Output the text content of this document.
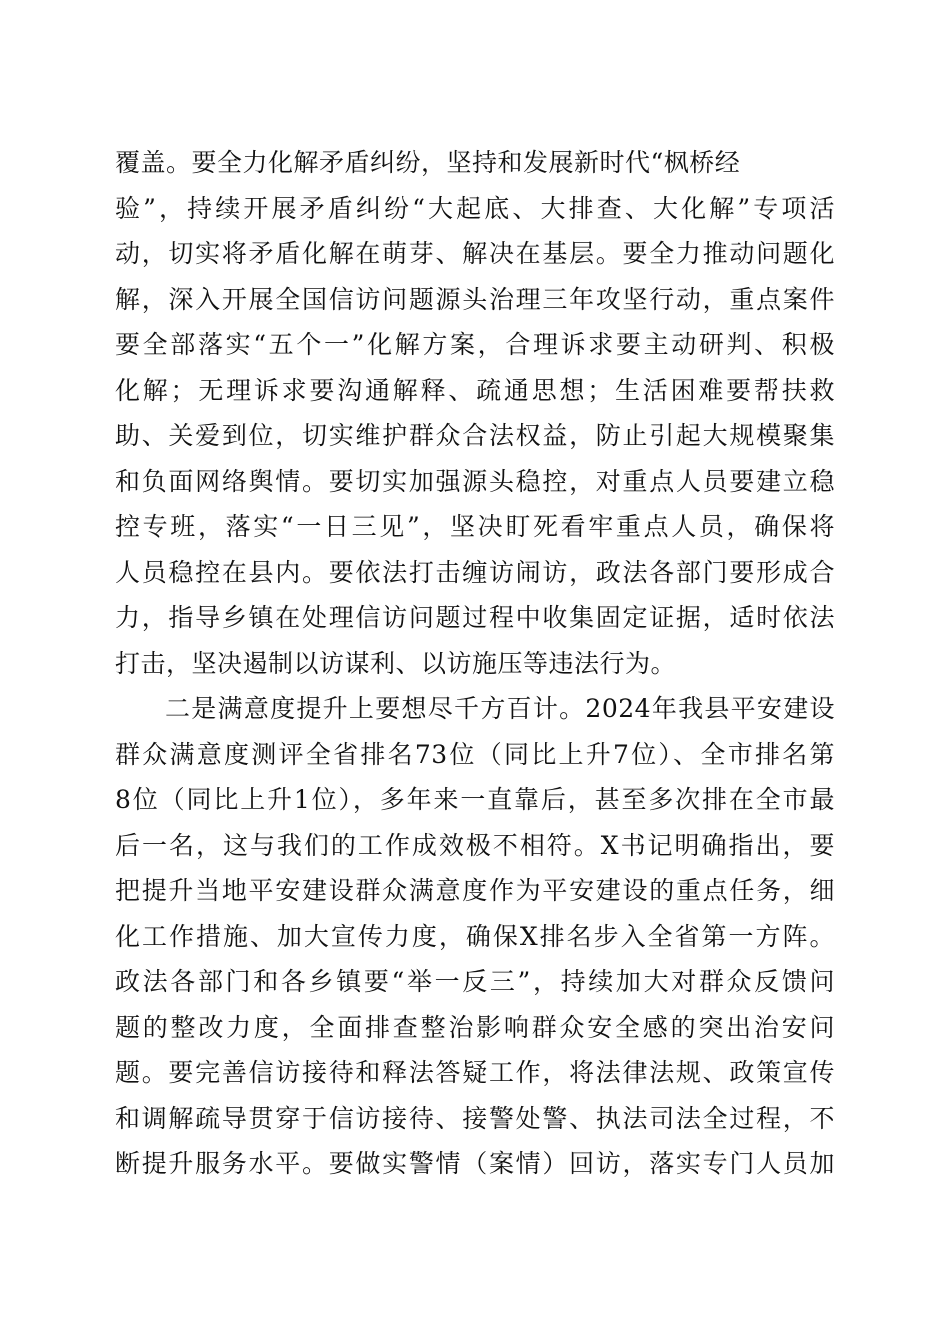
覆盖。要全力化解矛盾纠纷，坚持和发展新时代“枫桥经
验”，持续开展矛盾纠纷“大起底、大排查、大化解”专项活
动，切实将矛盾化解在萌芽、解决在基层。要全力推动问题化
解，深入开展全国信访问题源头治理三年攻坚行动，重点案件
要全部落实“五个一”化解方案，合理诉求要主动研判、积极
化解；无理诉求要沟通解释、疏通思想；生活困难要帮扶救
助、关爱到位，切实维护群众合法权益，防止引起大规模聚集
和负面网络舆情。要切实加强源头稳控，对重点人员要建立稳
控专班，落实“一日三见”，坚决盯死看牢重点人员，确保将
人员稳控在县内。要依法打击缠访闹访，政法各部门要形成合
力，指导乡镇在处理信访问题过程中收集固定证据，适时依法
打击，坚决遏制以访谋利、以访施压等违法行为。
二是满意度提升上要想尽千方百计。2024年我县平安建设
群众满意度测评全省排名73位（同比上升7位）、全市排名第
8位（同比上升1位），多年来一直靠后，甚至多次排在全市最
后一名，这与我们的工作成效极不相符。X书记明确指出，要
把提升当地平安建设群众满意度作为平安建设的重点任务，细
化工作措施、加大宣传力度，确保X排名步入全省第一方阵。
政法各部门和各乡镇要“举一反三”，持续加大对群众反馈问
题的整改力度，全面排查整治影响群众安全感的突出治安问
题。要完善信访接待和释法答疑工作，将法律法规、政策宣传
和调解疏导贯穿于信访接待、接警处警、执法司法全过程，不
断提升服务水平。要做实警情（案情）回访，落实专门人员加
